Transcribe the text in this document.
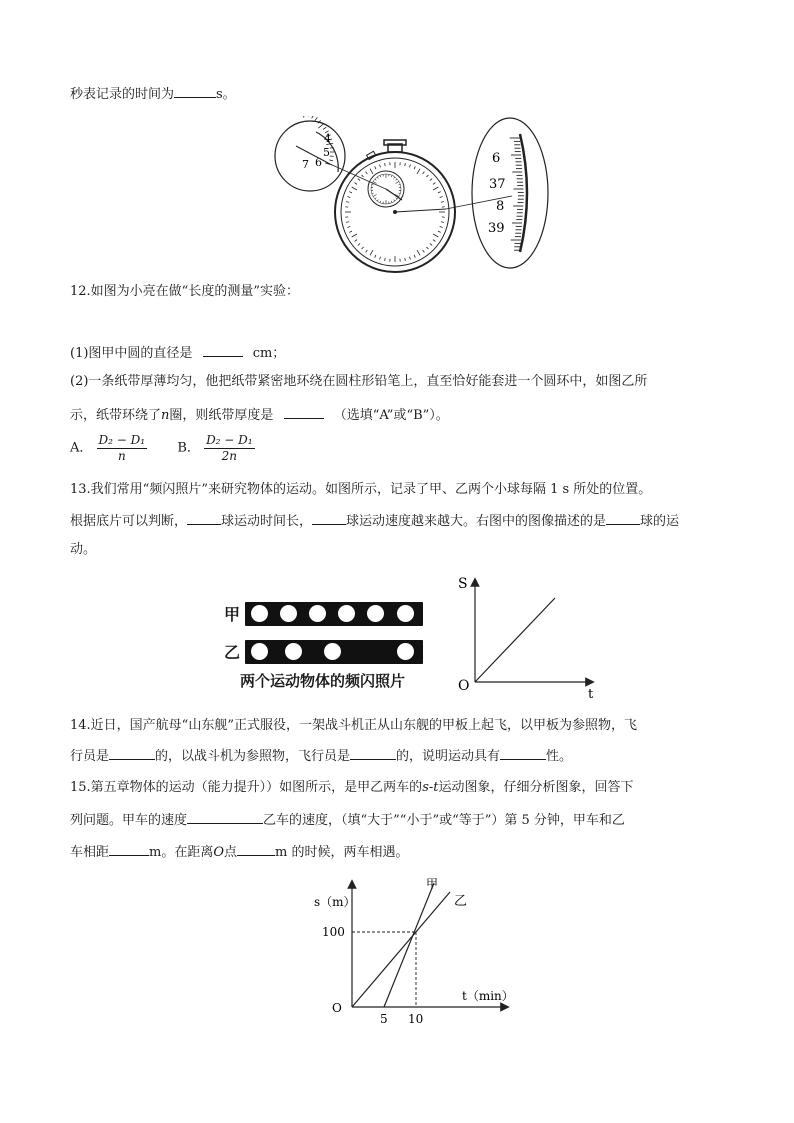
秒表记录的时间为	s。
4
5
6
7	6
37
8
39
12.如图为小亮在做“长度的测量”实验：
(1)图甲中圆的直径是	cm；
(2)一条纸带厚薄均匀，他把纸带紧密地环绕在圆柱形铅笔上，直至恰好能套进一个圆环中，如图乙所
示，纸带环绕了n圈，则纸带厚度是	（选填“A”或“B”）。
A． $\frac{\text{D₂ − D₁}}{n}$ B． $\frac{\text{D₂ − D₁}}{2n}$
13.我们常用“频闪照片”来研究物体的运动。如图所示，记录了甲、乙两个小球每隔 1 s 所处的位置。
根据底片可以判断，	球运动时间长，	球运动速度越来越大。右图中的图像描述的是	球的运
动。
甲
乙
两个运动物体的频闪照片
S
O
t
14.近日，国产航母“山东舰”正式服役，一架战斗机正从山东舰的甲板上起飞，以甲板为参照物，飞
行员是	的，以战斗机为参照物，飞行员是	的，说明运动具有	性。
15.第五章物体的运动（能力提升））如图所示，是甲乙两车的s-t运动图象，仔细分析图象，回答下
列问题。甲车的速度	乙车的速度，（填“大于”“小于”或“等于”）第 5 分钟，甲车和乙
车相距	m。在距离O点	m 的时候，两车相遇。
s（m）
t（min）
O
100
5 10
甲
乙
